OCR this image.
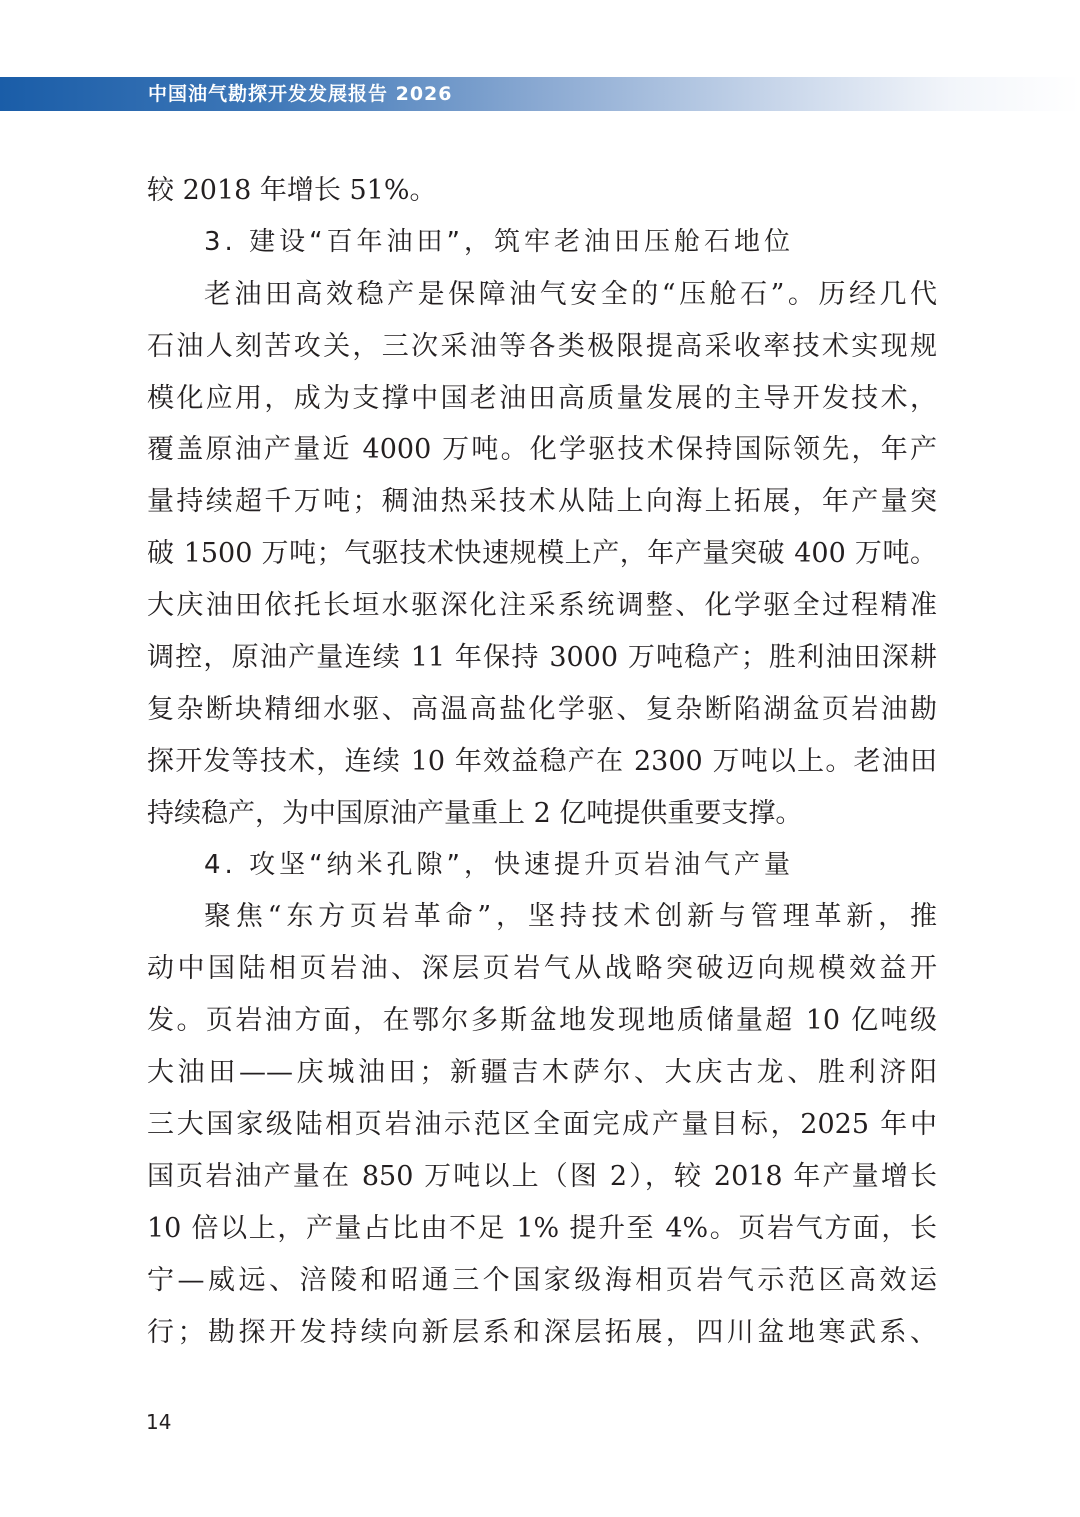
中国油气勘探开发发展报告 2026
较 2018 年增长 51%。
3. 建设“百年油田”，筑牢老油田压舱石地位
老油田高效稳产是保障油气安全的“压舱石”。历经几代
石油人刻苦攻关，三次采油等各类极限提高采收率技术实现规
模化应用，成为支撑中国老油田高质量发展的主导开发技术，
覆盖原油产量近 4000 万吨。化学驱技术保持国际领先，年产
量持续超千万吨；稠油热采技术从陆上向海上拓展，年产量突
破 1500 万吨；气驱技术快速规模上产，年产量突破 400 万吨。
大庆油田依托长垣水驱深化注采系统调整、化学驱全过程精准
调控，原油产量连续 11 年保持 3000 万吨稳产；胜利油田深耕
复杂断块精细水驱、高温高盐化学驱、复杂断陷湖盆页岩油勘
探开发等技术，连续 10 年效益稳产在 2300 万吨以上。老油田
持续稳产，为中国原油产量重上 2 亿吨提供重要支撑。
4. 攻坚“纳米孔隙”，快速提升页岩油气产量
聚焦“东方页岩革命”，坚持技术创新与管理革新，推
动中国陆相页岩油、深层页岩气从战略突破迈向规模效益开
发。页岩油方面，在鄂尔多斯盆地发现地质储量超 10 亿吨级
大油田——庆城油田；新疆吉木萨尔、大庆古龙、胜利济阳
三大国家级陆相页岩油示范区全面完成产量目标，2025 年中
国页岩油产量在 850 万吨以上（图 2），较 2018 年产量增长
10 倍以上，产量占比由不足 1% 提升至 4%。页岩气方面，长
宁—威远、涪陵和昭通三个国家级海相页岩气示范区高效运
行；勘探开发持续向新层系和深层拓展，四川盆地寒武系、
14
